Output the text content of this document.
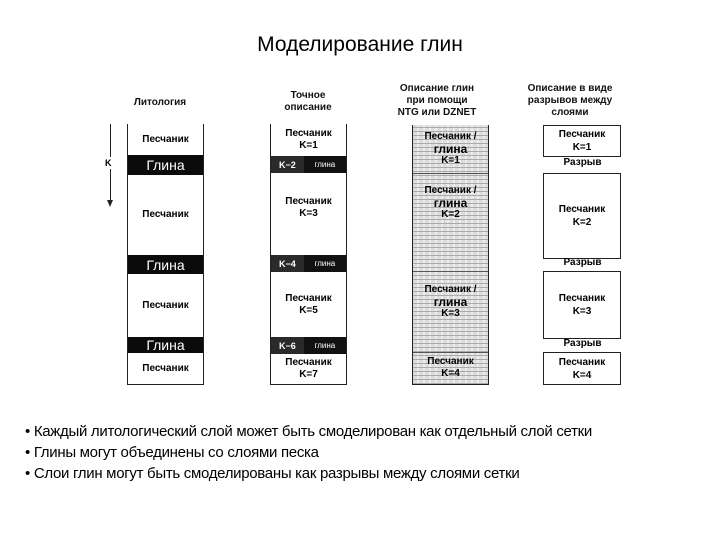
Моделирование глин
K
Литология
Точное описание
Описание глин
при помощи
NTG или DZNET
Описание в виде
разрывов между
слоями
Песчаник
Глина
Песчаник
Глина
Песчаник
Глина
Песчаник
Песчаник
K=1
K−2	глина
Песчаник
K=3
K−4	глина
Песчаник
K=5
K−6	глина
Песчаник
K=7
Песчаник /
глина
K=1
Песчаник /
глина
K=2
Песчаник /
глина
K=3
Песчаник
K=4
Песчаник
K=1
Разрыв
Песчаник
K=2
Разрыв
Песчаник
K=3
Разрыв
Песчаник
K=4
• Каждый литологический слой может быть смоделирован как отдельный слой сетки
• Глины могут объединены со слоями песка
• Слои глин могут быть смоделированы как разрывы между слоями сетки
